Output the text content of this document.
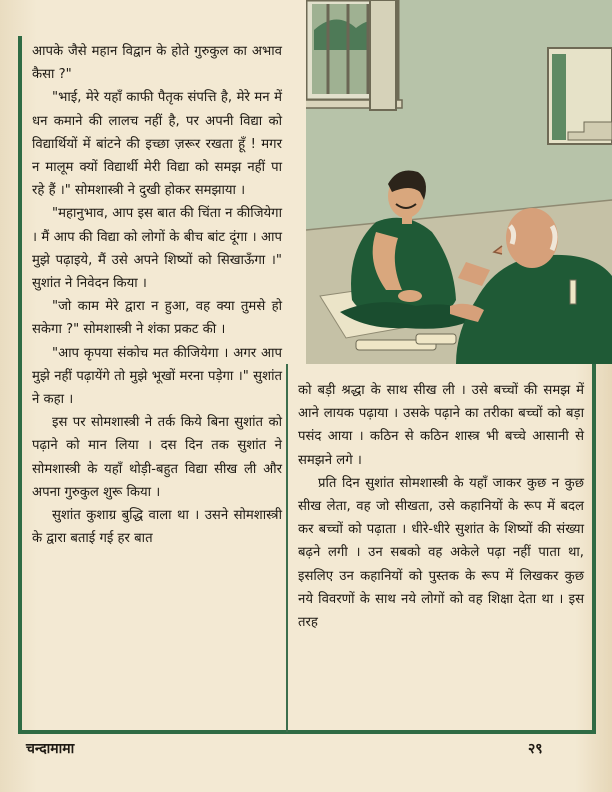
आपके जैसे महान विद्वान के होते गुरुकुल का अभाव कैसा ?"

"भाई, मेरे यहाँ काफी पैतृक संपत्ति है, मेरे मन में धन कमाने की लालच नहीं है, पर अपनी विद्या को विद्यार्थियों में बांटने की इच्छा ज़रूर रखता हूँ ! मगर न मालूम क्यों विद्यार्थी मेरी विद्या को समझ नहीं पा रहे हैं ।" सोमशास्त्री ने दुखी होकर समझाया ।

"महानुभाव, आप इस बात की चिंता न कीजियेगा । मैं आप की विद्या को लोगों के बीच बांट दूंगा । आप मुझे पढ़ाइये, मैं उसे अपने शिष्यों को सिखाऊँगा ।" सुशांत ने निवेदन किया ।

"जो काम मेरे द्वारा न हुआ, वह क्या तुमसे हो सकेगा ?" सोमशास्त्री ने शंका प्रकट की ।

"आप कृपया संकोच मत कीजियेगा । अगर आप मुझे नहीं पढ़ायेंगे तो मुझे भूखों मरना पड़ेगा ।" सुशांत ने कहा ।

इस पर सोमशास्त्री ने तर्क किये बिना सुशांत को पढ़ाने को मान लिया । दस दिन तक सुशांत ने सोमशास्त्री के यहाँ थोड़ी-बहुत विद्या सीख ली और अपना गुरुकुल शुरू किया ।

सुशांत कुशाग्र बुद्धि वाला था । उसने सोमशास्त्री के द्वारा बताई गई हर बात

को बड़ी श्रद्धा के साथ सीख ली । उसे बच्चों की समझ में आने लायक पढ़ाया । उसके पढ़ाने का तरीका बच्चों को बड़ा पसंद आया । कठिन से कठिन शास्त्र भी बच्चे आसानी से समझने लगे ।

प्रति दिन सुशांत सोमशास्त्री के यहाँ जाकर कुछ न कुछ सीख लेता, वह जो सीखता, उसे कहानियों के रूप में बदल कर बच्चों को पढ़ाता । धीरे-धीरे सुशांत के शिष्यों की संख्या बढ़ने लगी । उन सबको वह अकेले पढ़ा नहीं पाता था, इसलिए उन कहानियों को पुस्तक के रूप में लिखकर कुछ नये विवरणों के साथ नये लोगों को वह शिक्षा देता था । इस तरह

चन्दामामा	२९
